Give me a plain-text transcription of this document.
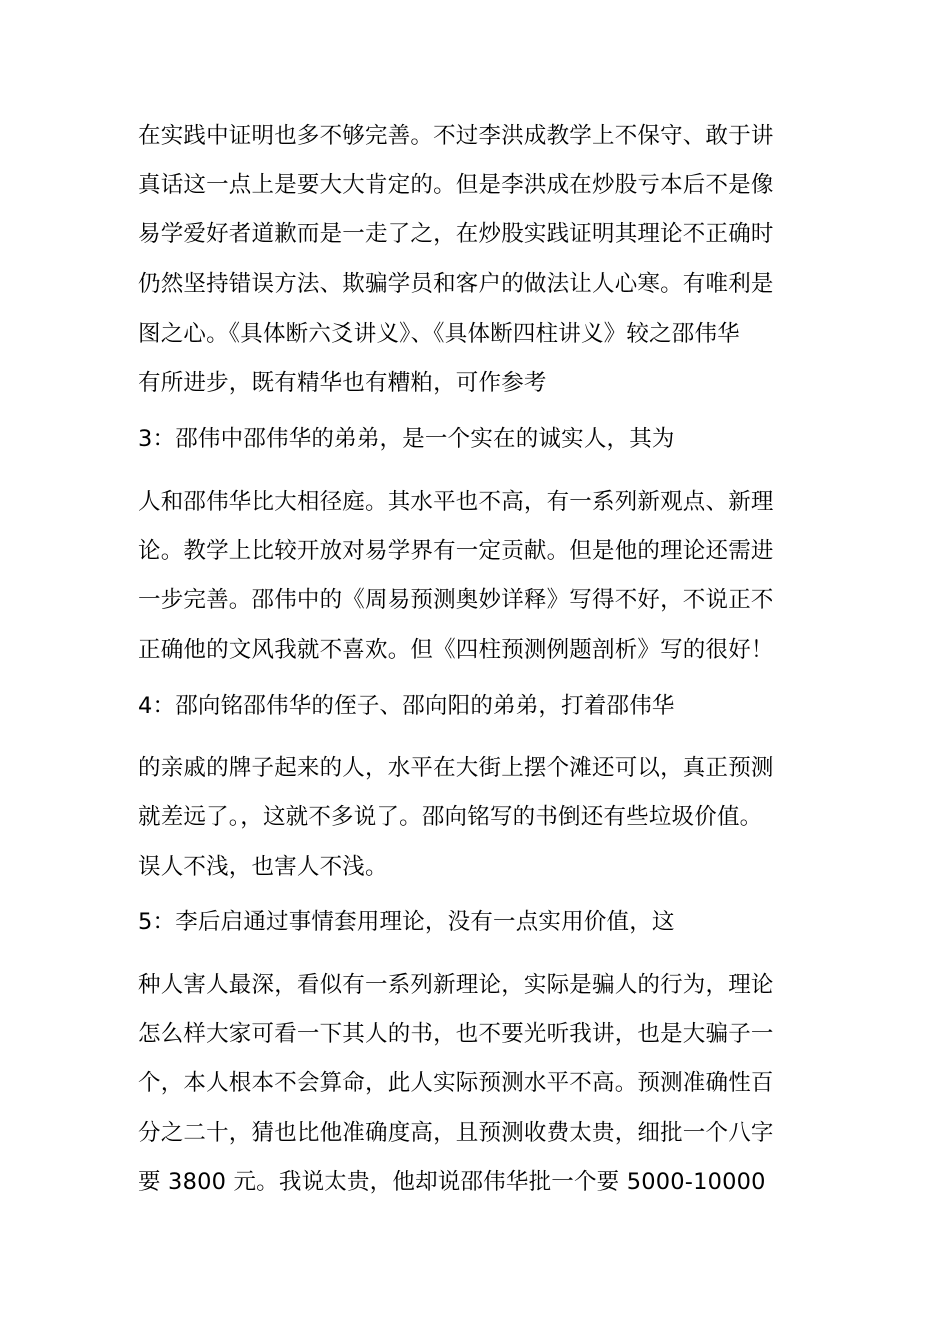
在实践中证明也多不够完善。不过李洪成教学上不保守、敢于讲
真话这一点上是要大大肯定的。但是李洪成在炒股亏本后不是像
易学爱好者道歉而是一走了之，在炒股实践证明其理论不正确时
仍然坚持错误方法、欺骗学员和客户的做法让人心寒。有唯利是
图之心。《具体断六爻讲义》、《具体断四柱讲义》较之邵伟华
有所进步，既有精华也有糟粕，可作参考
3：邵伟中邵伟华的弟弟，是一个实在的诚实人，其为
人和邵伟华比大相径庭。其水平也不高，有一系列新观点、新理
论。教学上比较开放对易学界有一定贡献。但是他的理论还需进
一步完善。邵伟中的《周易预测奥妙详释》写得不好，不说正不
正确他的文风我就不喜欢。但《四柱预测例题剖析》写的很好！
4：邵向铭邵伟华的侄子、邵向阳的弟弟，打着邵伟华
的亲戚的牌子起来的人，水平在大街上摆个滩还可以，真正预测
就差远了。，这就不多说了。邵向铭写的书倒还有些垃圾价值。
误人不浅，也害人不浅。
5：李后启通过事情套用理论，没有一点实用价值，这
种人害人最深，看似有一系列新理论，实际是骗人的行为，理论
怎么样大家可看一下其人的书，也不要光听我讲，也是大骗子一
个，本人根本不会算命，此人实际预测水平不高。预测准确性百
分之二十，猜也比他准确度高，且预测收费太贵，细批一个八字
要 3800 元。我说太贵，他却说邵伟华批一个要 5000-10000
